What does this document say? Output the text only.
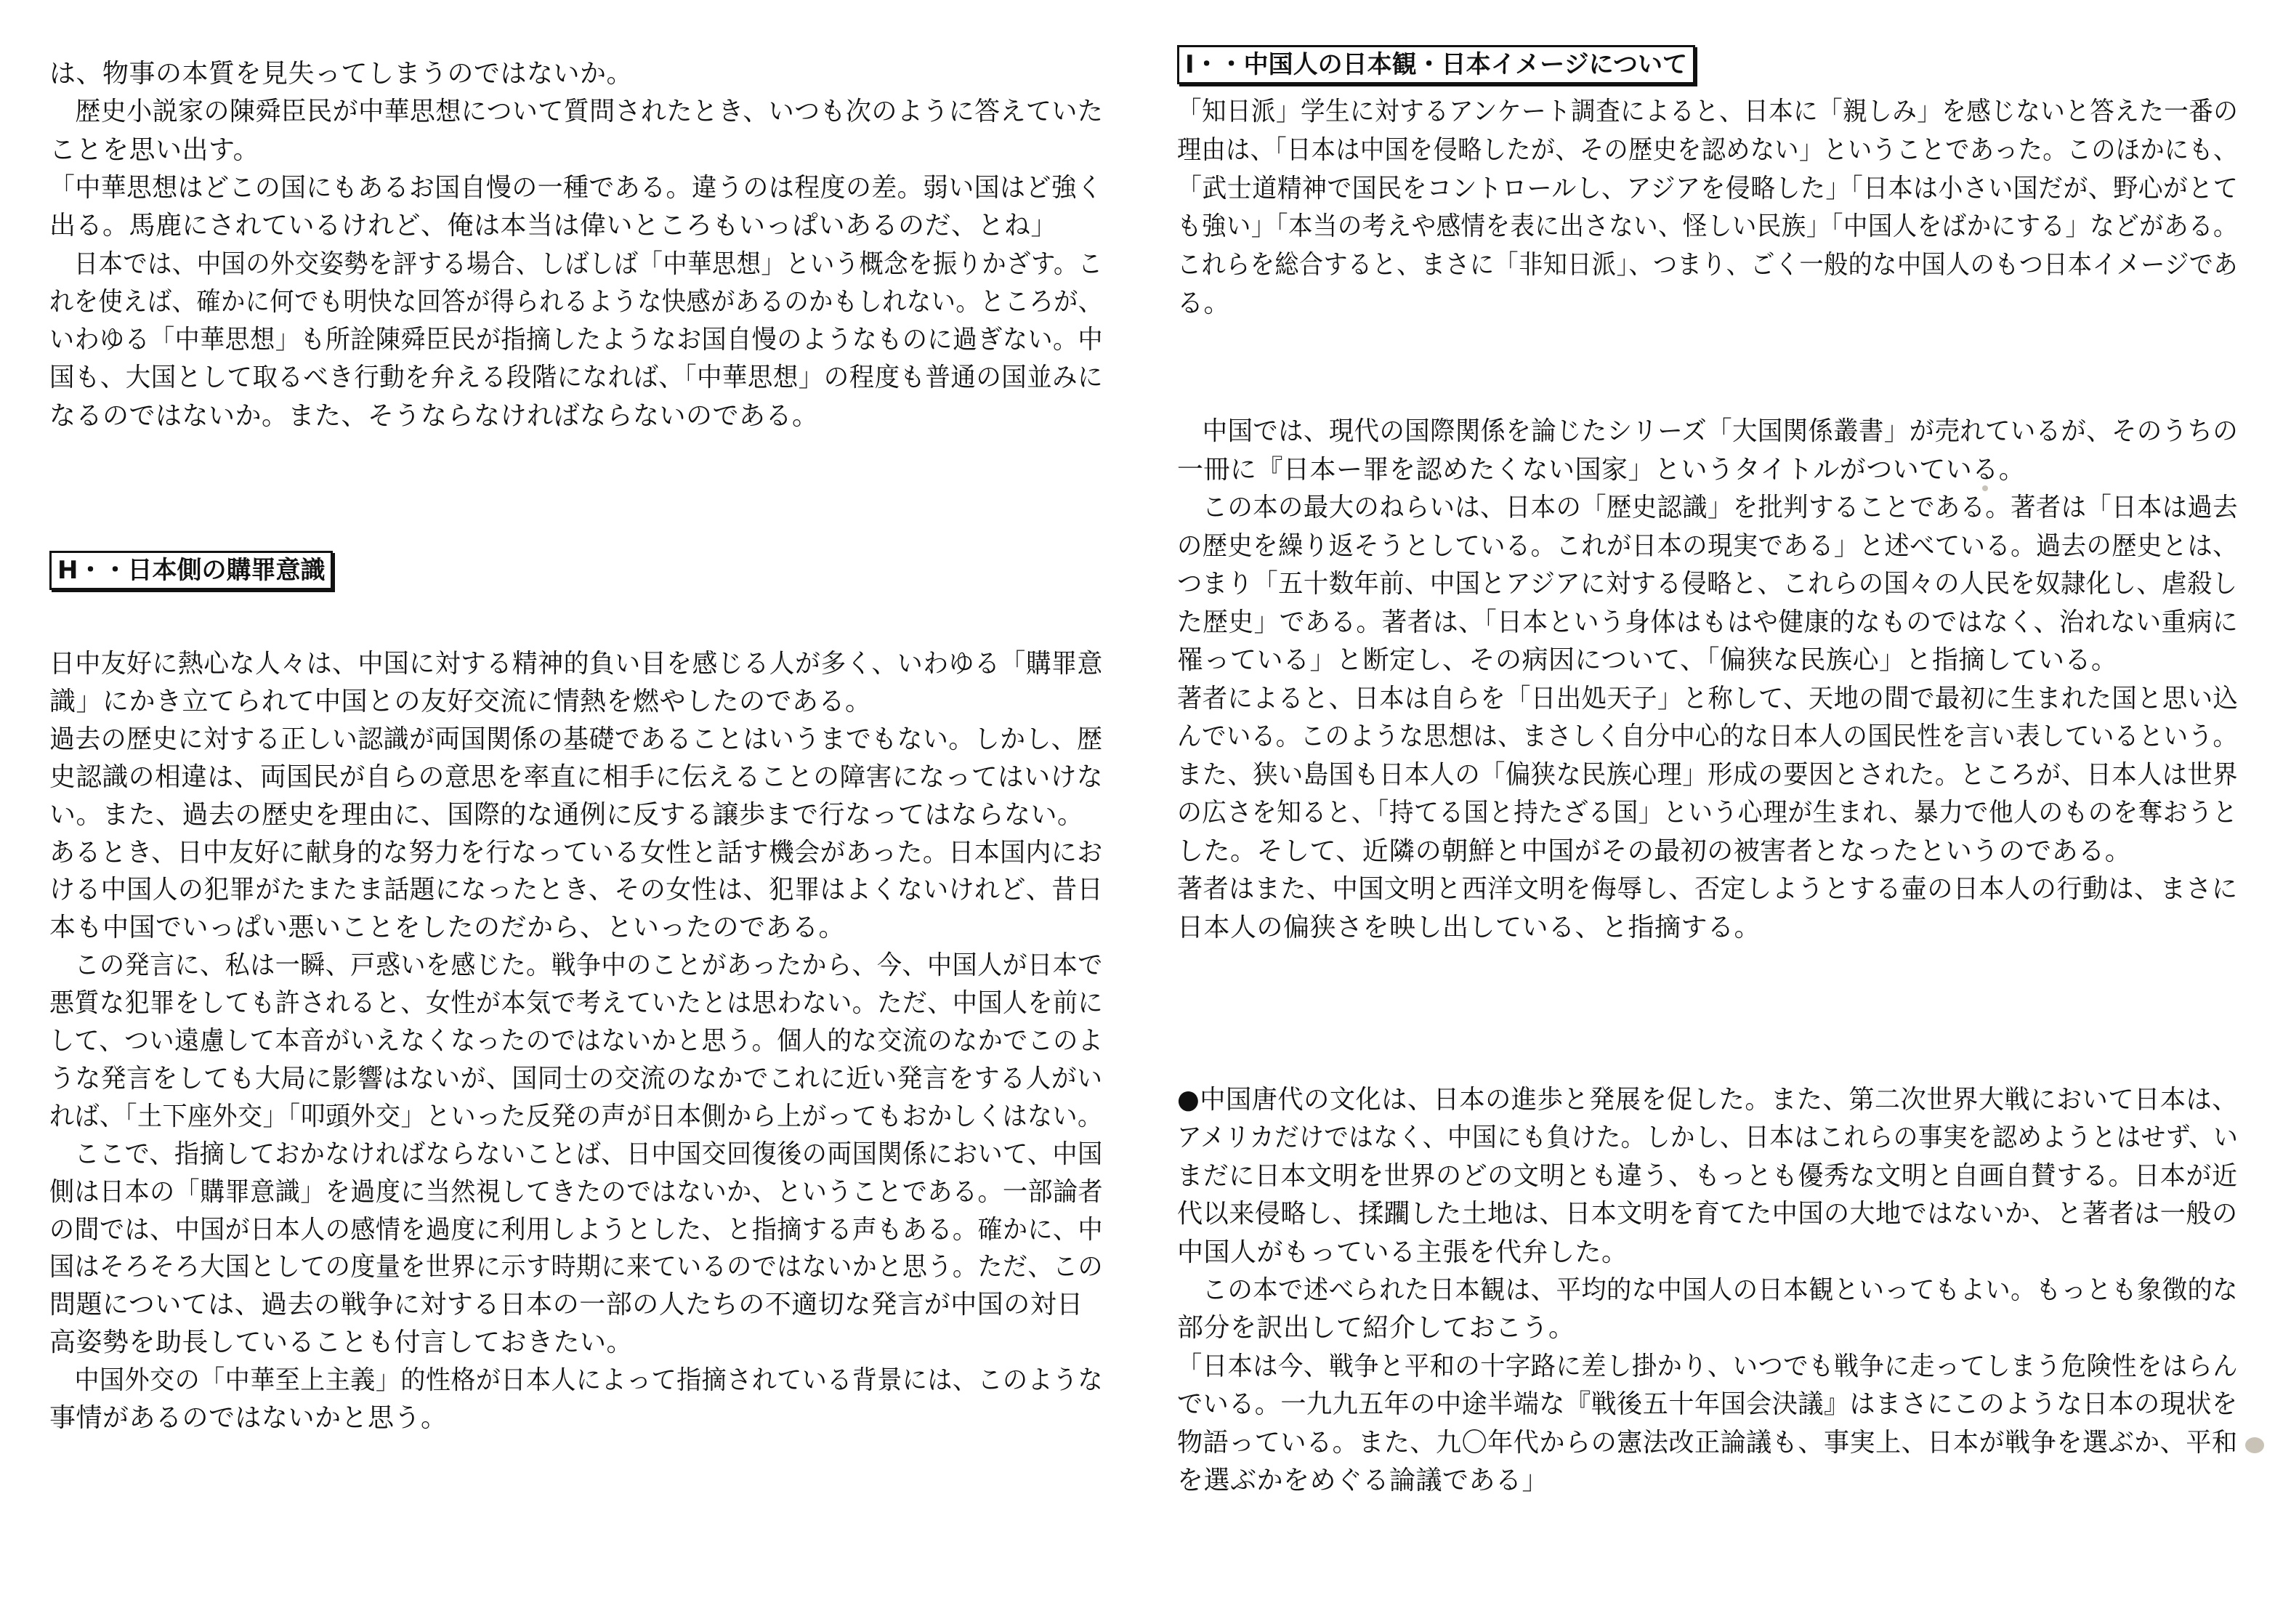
は、物事の本質を見失ってしまうのではないか。
　歴史小説家の陳舜臣民が中華思想について質問されたとき、いつも次のように答えていた
ことを思い出す。
「中華思想はどこの国にもあるお国自慢の一種である。違うのは程度の差。弱い国はど強く
出る。馬鹿にされているけれど、俺は本当は偉いところもいっぱいあるのだ、とね」
　日本では、中国の外交姿勢を評する場合、しばしば「中華思想」という概念を振りかざす。こ
れを使えば、確かに何でも明快な回答が得られるような快感があるのかもしれない。ところが、
いわゆる「中華思想」も所詮陳舜臣民が指摘したようなお国自慢のようなものに過ぎない。中
国も、大国として取るべき行動を弁える段階になれば、「中華思想」の程度も普通の国並みに
なるのではないか。また、そうならなければならないのである。
H・・日本側の購罪意識
日中友好に熱心な人々は、中国に対する精神的負い目を感じる人が多く、いわゆる「購罪意
識」にかき立てられて中国との友好交流に情熱を燃やしたのである。
過去の歴史に対する正しい認識が両国関係の基礎であることはいうまでもない。しかし、歴
史認識の相違は、両国民が自らの意思を率直に相手に伝えることの障害になってはいけな
い。また、過去の歴史を理由に、国際的な通例に反する譲歩まで行なってはならない。
あるとき、日中友好に献身的な努力を行なっている女性と話す機会があった。日本国内にお
ける中国人の犯罪がたまたま話題になったとき、その女性は、犯罪はよくないけれど、昔日
本も中国でいっぱい悪いことをしたのだから、といったのである。
　この発言に、私は一瞬、戸惑いを感じた。戦争中のことがあったから、今、中国人が日本で
悪質な犯罪をしても許されると、女性が本気で考えていたとは思わない。ただ、中国人を前に
して、つい遠慮して本音がいえなくなったのではないかと思う。個人的な交流のなかでこのよ
うな発言をしても大局に影響はないが、国同士の交流のなかでこれに近い発言をする人がい
れば、「土下座外交」「叩頭外交」といった反発の声が日本側から上がってもおかしくはない。
　ここで、指摘しておかなければならないことば、日中国交回復後の両国関係において、中国
側は日本の「購罪意識」を過度に当然視してきたのではないか、ということである。一部論者
の間では、中国が日本人の感情を過度に利用しようとした、と指摘する声もある。確かに、中
国はそろそろ大国としての度量を世界に示す時期に来ているのではないかと思う。ただ、この
問題については、過去の戦争に対する日本の一部の人たちの不適切な発言が中国の対日
高姿勢を助長していることも付言しておきたい。
　中国外交の「中華至上主義」的性格が日本人によって指摘されている背景には、このような
事情があるのではないかと思う。
I・・中国人の日本観・日本イメージについて
「知日派」学生に対するアンケート調査によると、日本に「親しみ」を感じないと答えた一番の
理由は、「日本は中国を侵略したが、その歴史を認めない」ということであった。このほかにも、
「武士道精神で国民をコントロールし、アジアを侵略した」「日本は小さい国だが、野心がとて
も強い」「本当の考えや感情を表に出さない、怪しい民族」「中国人をばかにする」などがある。
これらを総合すると、まさに「非知日派」、つまり、ごく一般的な中国人のもつ日本イメージであ
る。
　中国では、現代の国際関係を論じたシリーズ「大国関係叢書」が売れているが、そのうちの
一冊に『日本ー罪を認めたくない国家」というタイトルがついている。
　この本の最大のねらいは、日本の「歴史認識」を批判することである。著者は「日本は過去
の歴史を繰り返そうとしている。これが日本の現実である」と述べている。過去の歴史とは、
つまり「五十数年前、中国とアジアに対する侵略と、これらの国々の人民を奴隷化し、虐殺し
た歴史」である。著者は、「日本という身体はもはや健康的なものではなく、治れない重病に
罹っている」と断定し、その病因について、「偏狭な民族心」と指摘している。
著者によると、日本は自らを「日出処天子」と称して、天地の間で最初に生まれた国と思い込
んでいる。このような思想は、まさしく自分中心的な日本人の国民性を言い表しているという。
また、狭い島国も日本人の「偏狭な民族心理」形成の要因とされた。ところが、日本人は世界
の広さを知ると、「持てる国と持たざる国」という心理が生まれ、暴力で他人のものを奪おうと
した。そして、近隣の朝鮮と中国がその最初の被害者となったというのである。
著者はまた、中国文明と西洋文明を侮辱し、否定しようとする壷の日本人の行動は、まさに
日本人の偏狭さを映し出している、と指摘する。
●中国唐代の文化は、日本の進歩と発展を促した。また、第二次世界大戦において日本は、
アメリカだけではなく、中国にも負けた。しかし、日本はこれらの事実を認めようとはせず、い
まだに日本文明を世界のどの文明とも違う、もっとも優秀な文明と自画自賛する。日本が近
代以来侵略し、揉躙した土地は、日本文明を育てた中国の大地ではないか、と著者は一般の
中国人がもっている主張を代弁した。
　この本で述べられた日本観は、平均的な中国人の日本観といってもよい。もっとも象徴的な
部分を訳出して紹介しておこう。
「日本は今、戦争と平和の十字路に差し掛かり、いつでも戦争に走ってしまう危険性をはらん
でいる。一九九五年の中途半端な『戦後五十年国会決議』はまさにこのような日本の現状を
物語っている。また、九〇年代からの憲法改正論議も、事実上、日本が戦争を選ぶか、平和
を選ぶかをめぐる論議である」
